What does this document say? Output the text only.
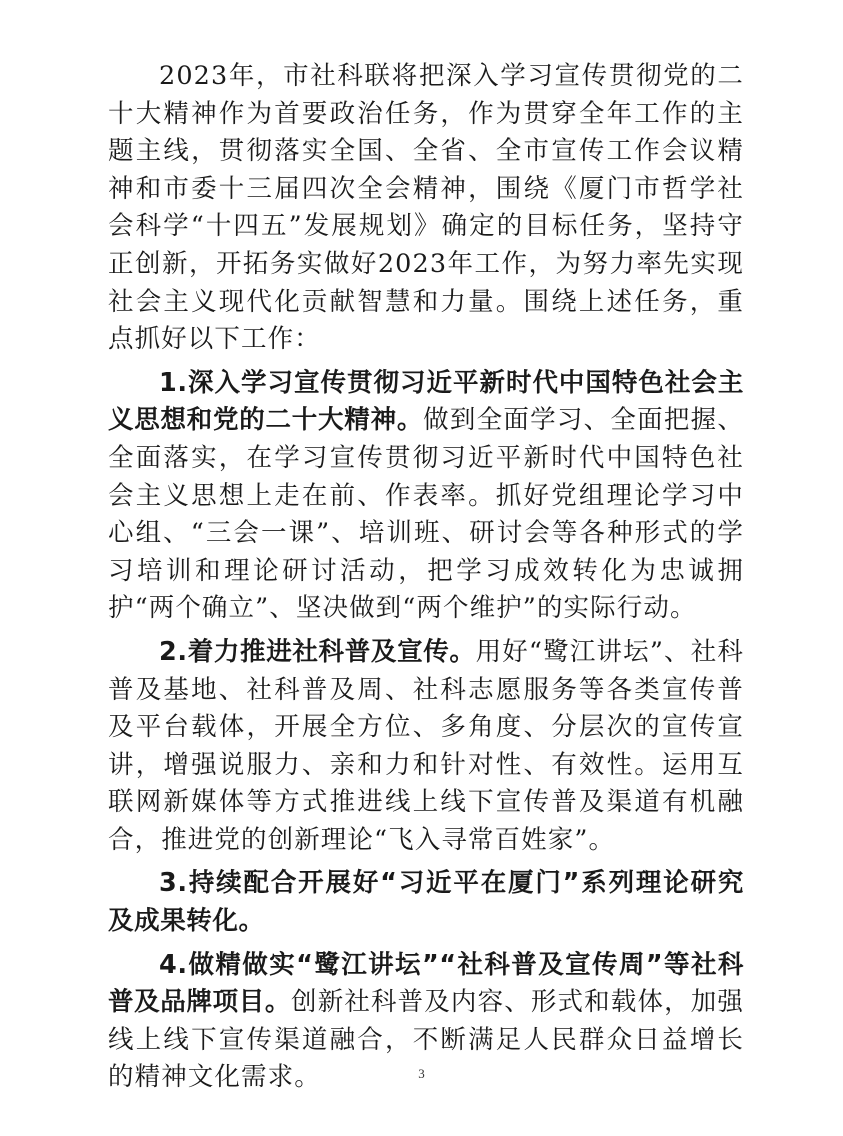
2023年，市社科联将把深入学习宣传贯彻党的二十大精神作为首要政治任务，作为贯穿全年工作的主题主线，贯彻落实全国、全省、全市宣传工作会议精神和市委十三届四次全会精神，围绕《厦门市哲学社会科学“十四五”发展规划》确定的目标任务，坚持守正创新，开拓务实做好2023年工作，为努力率先实现社会主义现代化贡献智慧和力量。围绕上述任务，重点抓好以下工作：

1.深入学习宣传贯彻习近平新时代中国特色社会主义思想和党的二十大精神。做到全面学习、全面把握、全面落实，在学习宣传贯彻习近平新时代中国特色社会主义思想上走在前、作表率。抓好党组理论学习中心组、“三会一课”、培训班、研讨会等各种形式的学习培训和理论研讨活动，把学习成效转化为忠诚拥护“两个确立”、坚决做到“两个维护”的实际行动。

2.着力推进社科普及宣传。用好“鹭江讲坛”、社科普及基地、社科普及周、社科志愿服务等各类宣传普及平台载体，开展全方位、多角度、分层次的宣传宣讲，增强说服力、亲和力和针对性、有效性。运用互联网新媒体等方式推进线上线下宣传普及渠道有机融合，推进党的创新理论“飞入寻常百姓家”。

3.持续配合开展好“习近平在厦门”系列理论研究及成果转化。

4.做精做实“鹭江讲坛”“社科普及宣传周”等社科普及品牌项目。创新社科普及内容、形式和载体，加强线上线下宣传渠道融合，不断满足人民群众日益增长的精神文化需求。	3
